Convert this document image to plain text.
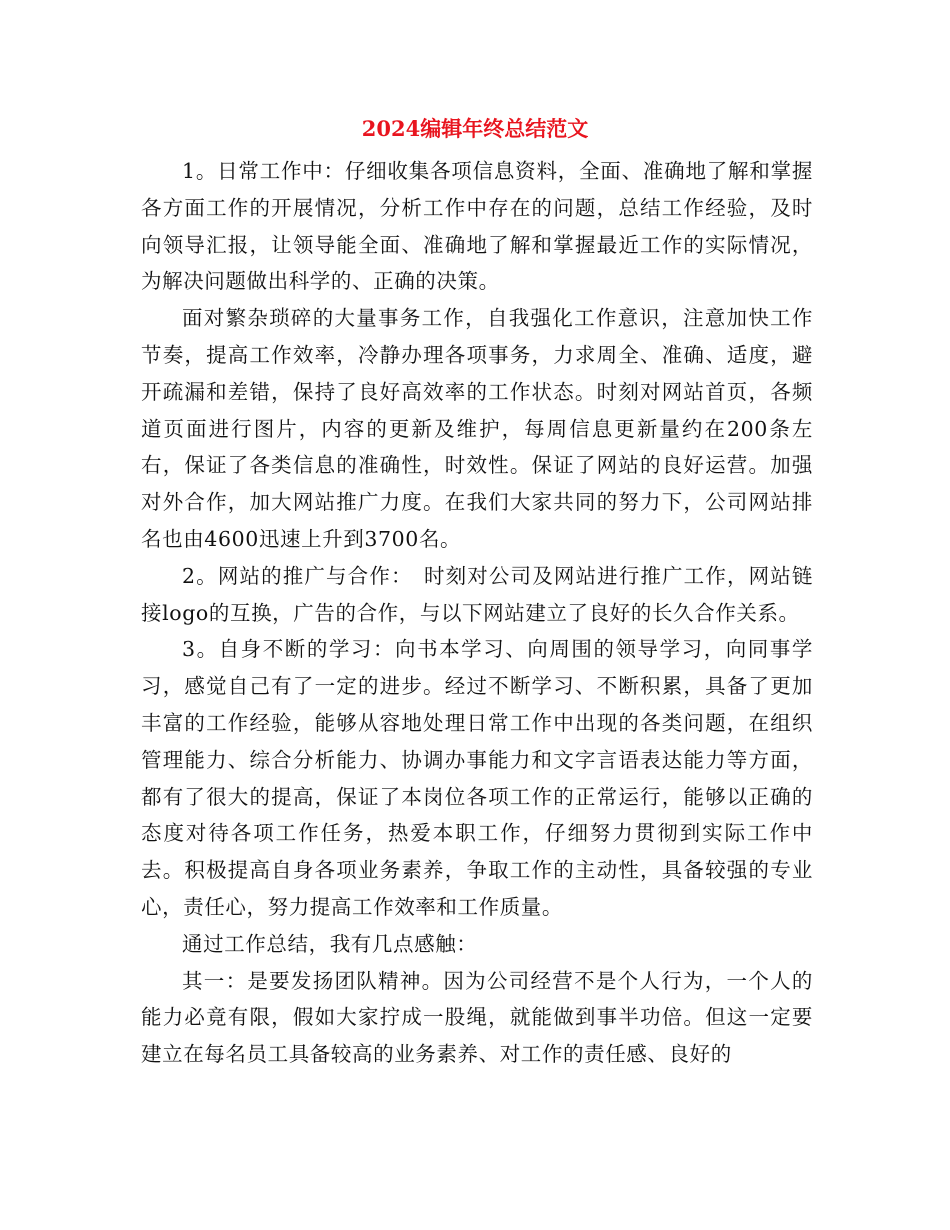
2024编辑年终总结范文

1。日常工作中：仔细收集各项信息资料，全面、准确地了解和掌握各方面工作的开展情况，分析工作中存在的问题，总结工作经验，及时向领导汇报，让领导能全面、准确地了解和掌握最近工作的实际情况，为解决问题做出科学的、正确的决策。

面对繁杂琐碎的大量事务工作，自我强化工作意识，注意加快工作节奏，提高工作效率，冷静办理各项事务，力求周全、准确、适度，避开疏漏和差错，保持了良好高效率的工作状态。时刻对网站首页，各频道页面进行图片，内容的更新及维护，每周信息更新量约在200条左右，保证了各类信息的准确性，时效性。保证了网站的良好运营。加强对外合作，加大网站推广力度。在我们大家共同的努力下，公司网站排名也由4600迅速上升到3700名。

2。网站的推广与合作：　时刻对公司及网站进行推广工作，网站链接logo的互换，广告的合作，与以下网站建立了良好的长久合作关系。

3。自身不断的学习：向书本学习、向周围的领导学习，向同事学习，感觉自己有了一定的进步。经过不断学习、不断积累，具备了更加丰富的工作经验，能够从容地处理日常工作中出现的各类问题，在组织管理能力、综合分析能力、协调办事能力和文字言语表达能力等方面，都有了很大的提高，保证了本岗位各项工作的正常运行，能够以正确的态度对待各项工作任务，热爱本职工作，仔细努力贯彻到实际工作中去。积极提高自身各项业务素养，争取工作的主动性，具备较强的专业心，责任心，努力提高工作效率和工作质量。

通过工作总结，我有几点感触：

其一：是要发扬团队精神。因为公司经营不是个人行为，一个人的能力必竟有限，假如大家拧成一股绳，就能做到事半功倍。但这一定要建立在每名员工具备较高的业务素养、对工作的责任感、良好的
